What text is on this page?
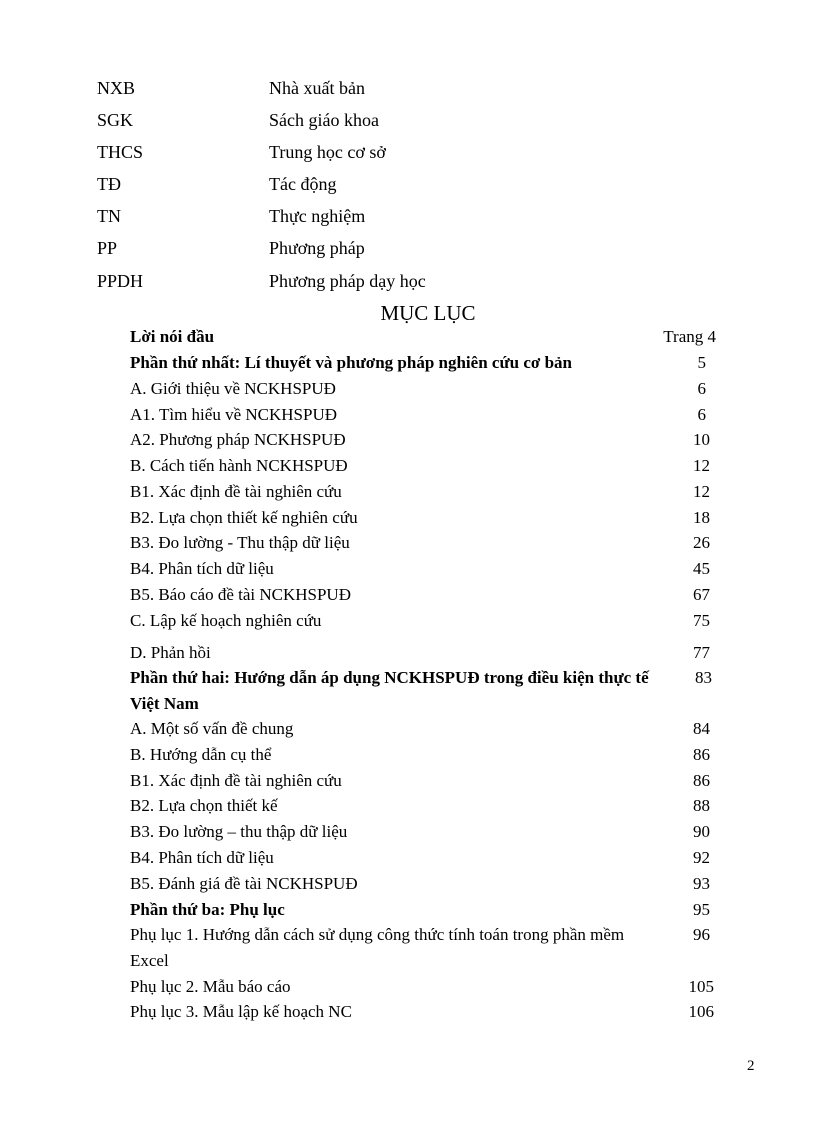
NXB	Nhà xuất bản
SGK	Sách giáo khoa
THCS	Trung học cơ sở
TĐ	Tác động
TN	Thực nghiệm
PP	Phương pháp
PPDH	Phương pháp dạy học
MỤC LỤC
Lời nói đầu	Trang 4
Phần thứ nhất: Lí thuyết và phương pháp nghiên cứu cơ bản	5
A. Giới thiệu về NCKHSPUĐ	6
A1. Tìm hiểu về NCKHSPUĐ	6
A2. Phương pháp NCKHSPUĐ	10
B. Cách tiến hành NCKHSPUĐ	12
B1. Xác định đề tài nghiên cứu	12
B2. Lựa chọn thiết kế nghiên cứu	18
B3. Đo lường - Thu thập dữ liệu	26
B4. Phân tích dữ liệu	45
B5. Báo cáo đề tài NCKHSPUĐ	67
C. Lập kế hoạch nghiên cứu	75
D. Phản hồi	77
Phần thứ hai: Hướng dẫn áp dụng NCKHSPUĐ trong điều kiện thực tế Việt Nam
83
A. Một số vấn đề chung	84
B. Hướng dẫn cụ thể	86
B1. Xác định đề tài nghiên cứu	86
B2. Lựa chọn thiết kế	88
B3. Đo lường – thu thập dữ liệu	90
B4. Phân tích dữ liệu	92
B5. Đánh giá đề tài NCKHSPUĐ	93
Phần thứ ba: Phụ lục	95
Phụ lục 1. Hướng dẫn cách sử dụng công thức tính toán trong phần mềm Excel
96
Phụ lục 2. Mẫu báo cáo	105
Phụ lục 3. Mẫu lập kế hoạch NC	106
2
